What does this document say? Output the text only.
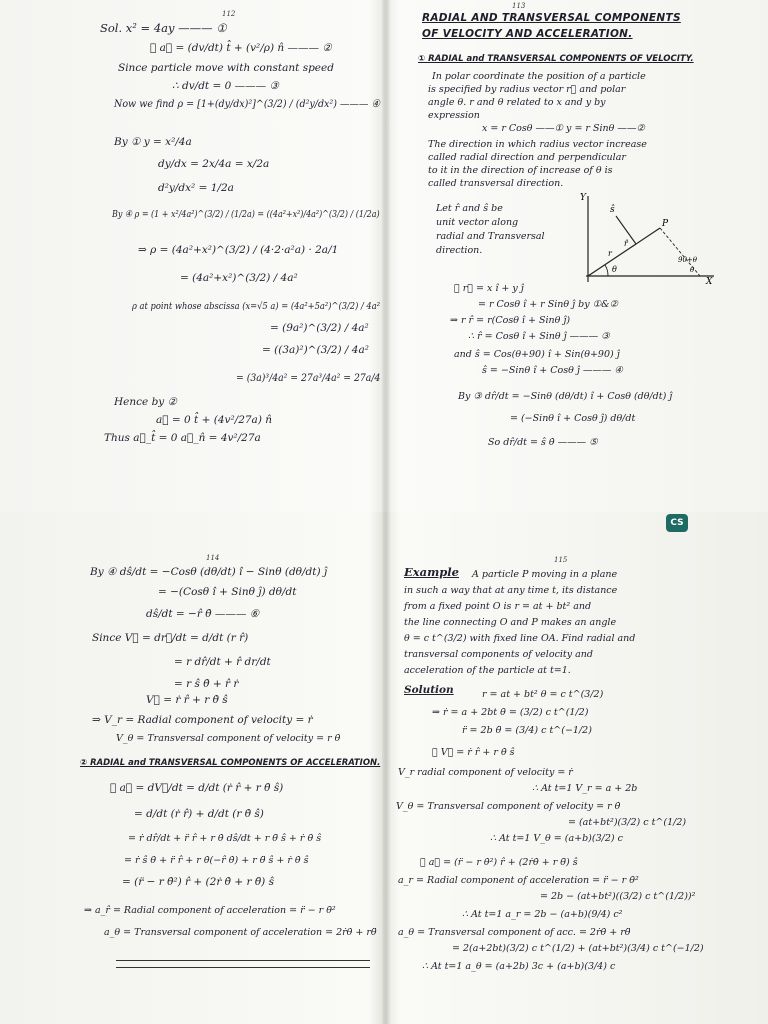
112
Sol. x² = 4ay ——— ①
∵ a⃗ = (dv/dt) t̂ + (v²/ρ) n̂ ——— ②
Since particle move with constant speed
∴ dv/dt = 0 ——— ③
Now we find ρ = [1+(dy/dx)²]^(3/2) / (d²y/dx²) ——— ④
By ① y = x²/4a
dy/dx = 2x/4a = x/2a
d²y/dx² = 1/2a
By ④ ρ = (1 + x²/4a²)^(3/2) / (1/2a) = ((4a²+x²)/4a²)^(3/2) / (1/2a)
⇒ ρ = (4a²+x²)^(3/2) / (4·2·a²a) · 2a/1
= (4a²+x²)^(3/2) / 4a²
ρ at point whose abscissa (x=√5 a) = (4a²+5a²)^(3/2) / 4a²
= (9a²)^(3/2) / 4a²
= ((3a)²)^(3/2) / 4a²
= (3a)³/4a² = 27a³/4a² = 27a/4
Hence by ②
a⃗ = 0 t̂ + (4v²/27a) n̂
Thus a⃗_t̂ = 0 a⃗_n̂ = 4v²/27a
113
RADIAL AND TRANSVERSAL COMPONENTS
OF VELOCITY AND ACCELERATION.
① RADIAL and TRANSVERSAL COMPONENTS OF VELOCITY.
In polar coordinate the position of a particle
is specified by radius vector r⃗ and polar
angle θ. r and θ related to x and y by
expression
x = r Cosθ ——① y = r Sinθ ——②
The direction in which radius vector increase
called radial direction and perpendicular
to it in the direction of increase of θ is
called transversal direction.
Let r̂ and ŝ be
unit vector along
radial and Transversal
direction.
Y
ŝ
P
r̂
r
θ
90+θ
θ
X
∵ r⃗ = x î + y ĵ
= r Cosθ î + r Sinθ ĵ by ①&②
⇒ r r̂ = r(Cosθ î + Sinθ ĵ)
∴ r̂ = Cosθ î + Sinθ ĵ ——— ③
and ŝ = Cos(θ+90) î + Sin(θ+90) ĵ
ŝ = −Sinθ î + Cosθ ĵ ——— ④
By ③ dr̂/dt = −Sinθ (dθ/dt) î + Cosθ (dθ/dt) ĵ
= (−Sinθ î + Cosθ ĵ) dθ/dt
So dr̂/dt = ŝ θ̇ ——— ⑤
CS
114
By ④ dŝ/dt = −Cosθ (dθ/dt) î − Sinθ (dθ/dt) ĵ
= −(Cosθ î + Sinθ ĵ) dθ/dt
dŝ/dt = −r̂ θ̇ ——— ⑥
Since V⃗ = dr⃗/dt = d/dt (r r̂)
= r dr̂/dt + r̂ dr/dt
= r ŝ θ̇ + r̂ ṙ
V⃗ = ṙ r̂ + r θ̇ ŝ
⇒ V_r = Radial component of velocity = ṙ
V_θ = Transversal component of velocity = r θ̇
② RADIAL and TRANSVERSAL COMPONENTS OF ACCELERATION.
∵ a⃗ = dV⃗/dt = d/dt (ṙ r̂ + r θ̇ ŝ)
= d/dt (ṙ r̂) + d/dt (r θ̇ ŝ)
= ṙ dr̂/dt + r̈ r̂ + r θ̇ dŝ/dt + r θ̈ ŝ + ṙ θ̇ ŝ
= ṙ ŝ θ̇ + r̈ r̂ + r θ̇(−r̂ θ̇) + r θ̈ ŝ + ṙ θ̇ ŝ
= (r̈ − r θ̇²) r̂ + (2ṙ θ̇ + r θ̈) ŝ
⇒ a_r̂ = Radial component of acceleration = r̈ − r θ̇²
a_θ = Transversal component of acceleration = 2ṙθ̇ + rθ̈
115
Example A particle P moving in a plane
in such a way that at any time t, its distance
from a fixed point O is r = at + bt² and
the line connecting O and P makes an angle
θ = c t^(3/2) with fixed line OA. Find radial and
transversal components of velocity and
acceleration of the particle at t=1.
Solution	r = at + bt² θ = c t^(3/2)
⇒ ṙ = a + 2bt θ̇ = (3/2) c t^(1/2)
r̈ = 2b θ̈ = (3/4) c t^(−1/2)
∵ V⃗ = ṙ r̂ + r θ̇ ŝ
V_r radial component of velocity = ṙ
∴ At t=1 V_r = a + 2b
V_θ = Transversal component of velocity = r θ̇
= (at+bt²)(3/2) c t^(1/2)
∴ At t=1 V_θ = (a+b)(3/2) c
∵ a⃗ = (r̈ − r θ̇²) r̂ + (2ṙθ̇ + r θ̈) ŝ
a_r = Radial component of acceleration = r̈ − r θ̇²
= 2b − (at+bt²)((3/2) c t^(1/2))²
∴ At t=1 a_r = 2b − (a+b)(9/4) c²
a_θ = Transversal component of acc. = 2ṙθ̇ + rθ̈
= 2(a+2bt)(3/2) c t^(1/2) + (at+bt²)(3/4) c t^(−1/2)
∴ At t=1 a_θ = (a+2b) 3c + (a+b)(3/4) c
